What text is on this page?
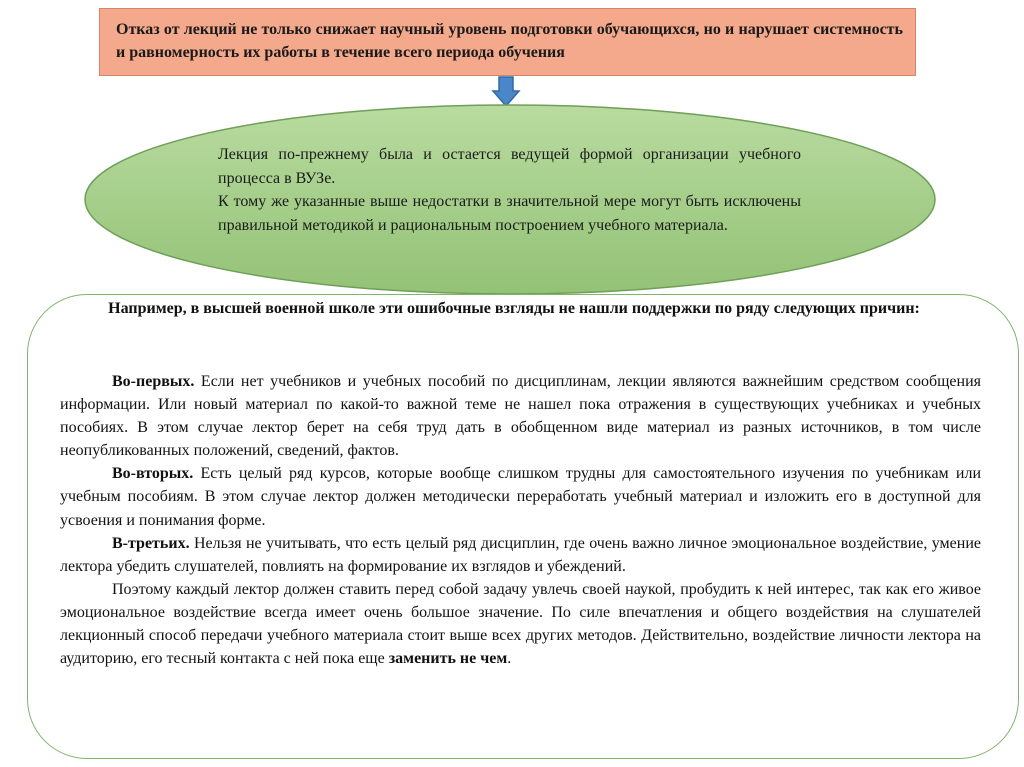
Отказ от лекций не только снижает научный уровень подготовки обучающихся, но и нарушает системность и равномерность их работы в течение всего периода обучения

Лекция по-прежнему была и остается ведущей формой организации учебного процесса в ВУЗе.

К тому же указанные выше недостатки в значительной мере могут быть исключены правильной методикой и рациональным построением учебного материала.

Например, в высшей военной школе эти ошибочные взгляды не нашли поддержки по ряду следующих причин:

Во-первых. Если нет учебников и учебных пособий по дисциплинам, лекции являются важнейшим средством сообщения информации. Или новый материал по какой-то важной теме не нашел пока отражения в существующих учебниках и учебных пособиях. В этом случае лектор берет на себя труд дать в обобщенном виде материал из разных источников, в том числе неопубликованных положений, сведений, фактов.

Во-вторых. Есть целый ряд курсов, которые вообще слишком трудны для самостоятельного изучения по учебникам или учебным пособиям. В этом случае лектор должен методически переработать учебный материал и изложить его в доступной для усвоения и понимания форме.

В-третьих. Нельзя не учитывать, что есть целый ряд дисциплин, где очень важно личное эмоциональное воздействие, умение лектора убедить слушателей, повлиять на формирование их взглядов и убеждений.

Поэтому каждый лектор должен ставить перед собой задачу увлечь своей наукой, пробудить к ней интерес, так как его живое эмоциональное воздействие всегда имеет очень большое значение. По силе впечатления и общего воздействия на слушателей лекционный способ передачи учебного материала стоит выше всех других методов. Действительно, воздействие личности лектора на аудиторию, его тесный контакта с ней пока еще заменить не чем.
